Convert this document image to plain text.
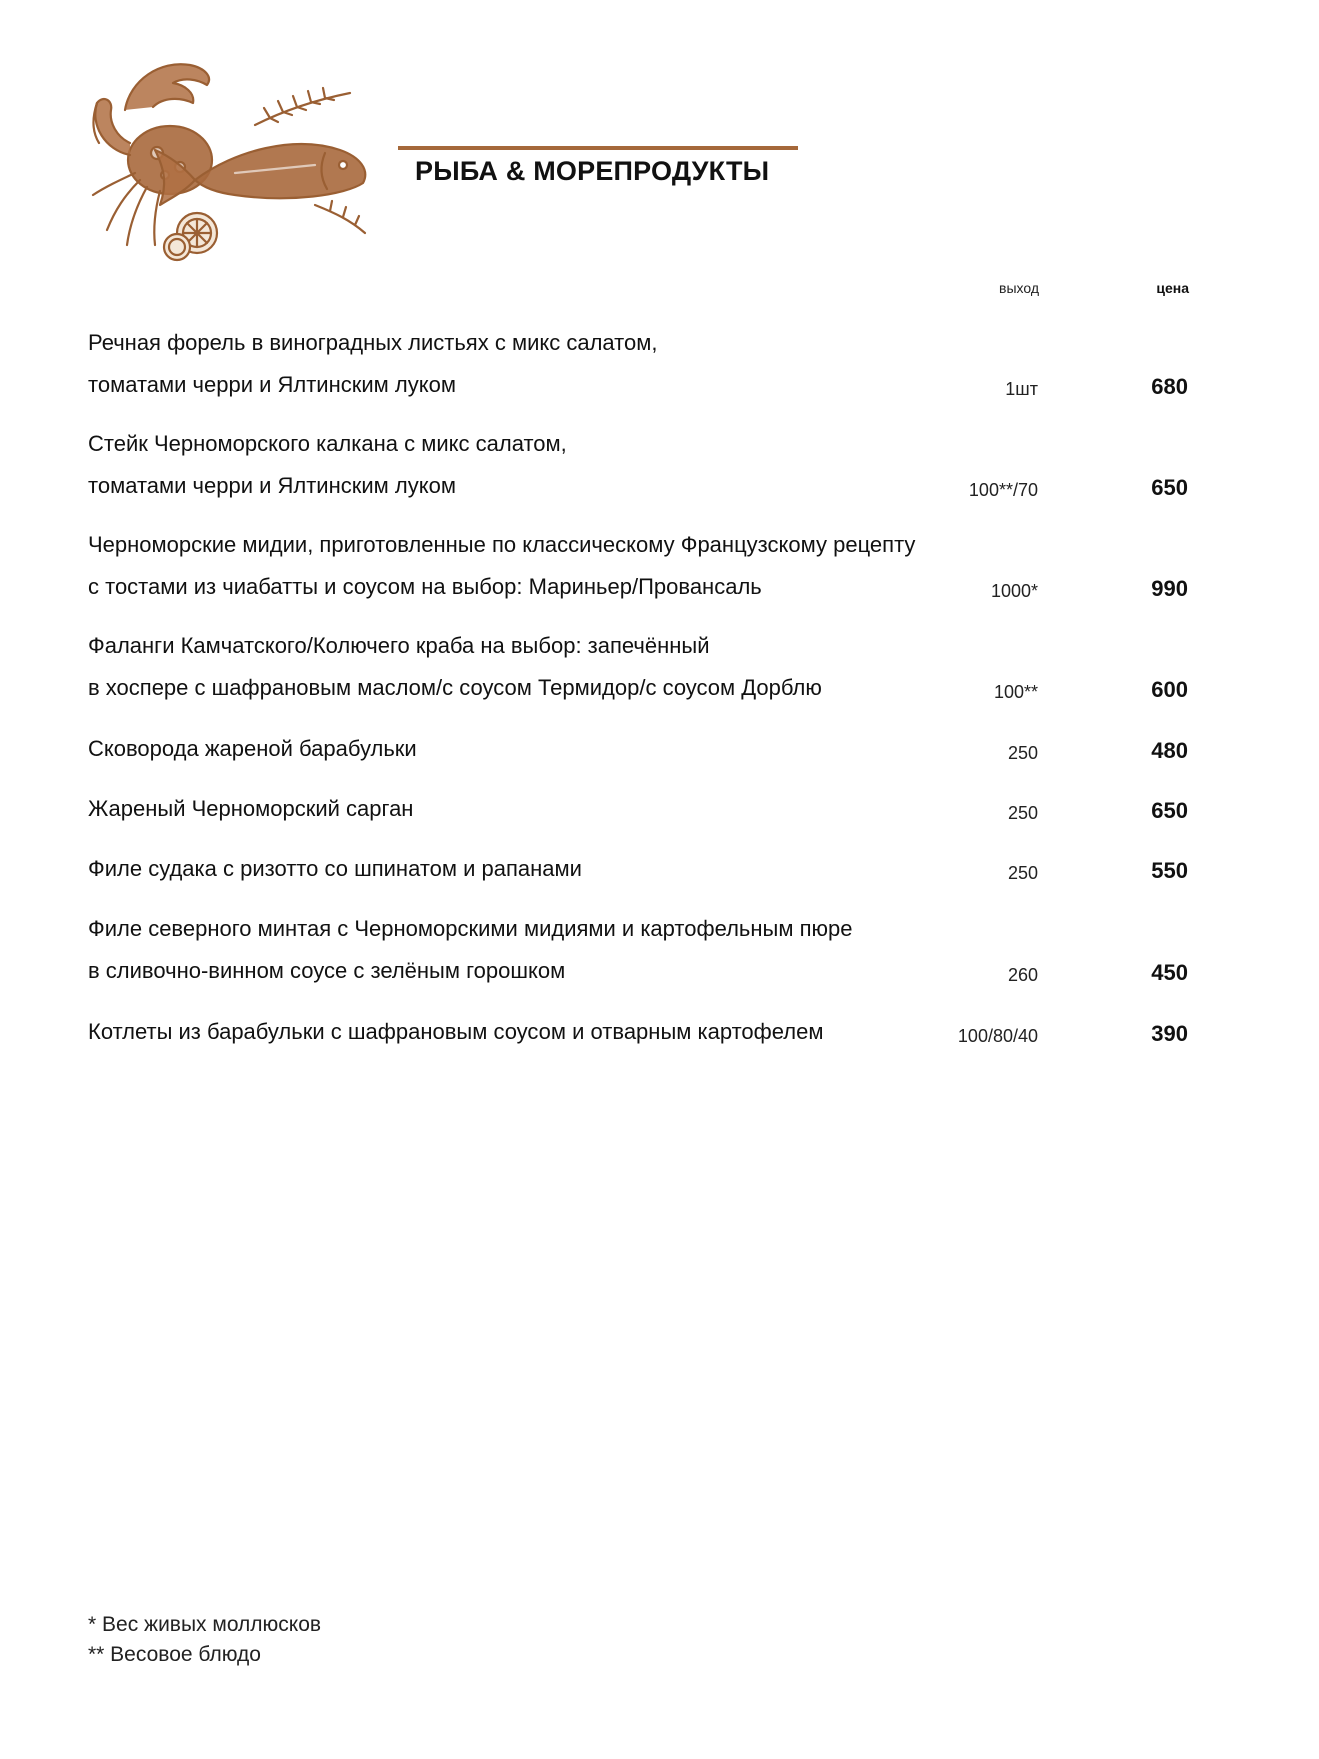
РЫБА & МОРЕПРОДУКТЫ
выход	цена
Речная форель в виноградных листьях с микс салатом,
томатами черри и Ялтинским луком	1шт	680
Стейк Черноморского калкана с микс салатом,
томатами черри и Ялтинским луком	100**/70	650
Черноморские мидии, приготовленные по классическому Французскому рецепту
с тостами из чиабатты и соусом на выбор: Мариньер/Провансаль	1000*	990
Фаланги Камчатского/Колючего краба на выбор: запечённый
в хоспере с шафрановым маслом/с соусом Термидор/с соусом Дорблю	100**	600
Сковорода жареной барабульки	250	480
Жареный Черноморский сарган	250	650
Филе судака с ризотто со шпинатом и рапанами	250	550
Филе северного минтая с Черноморскими мидиями и картофельным пюре
в сливочно-винном соусе с зелёным горошком	260	450
Котлеты из барабульки с шафрановым соусом и отварным картофелем	100/80/40	390
* Вес живых моллюсков
** Весовое блюдо
